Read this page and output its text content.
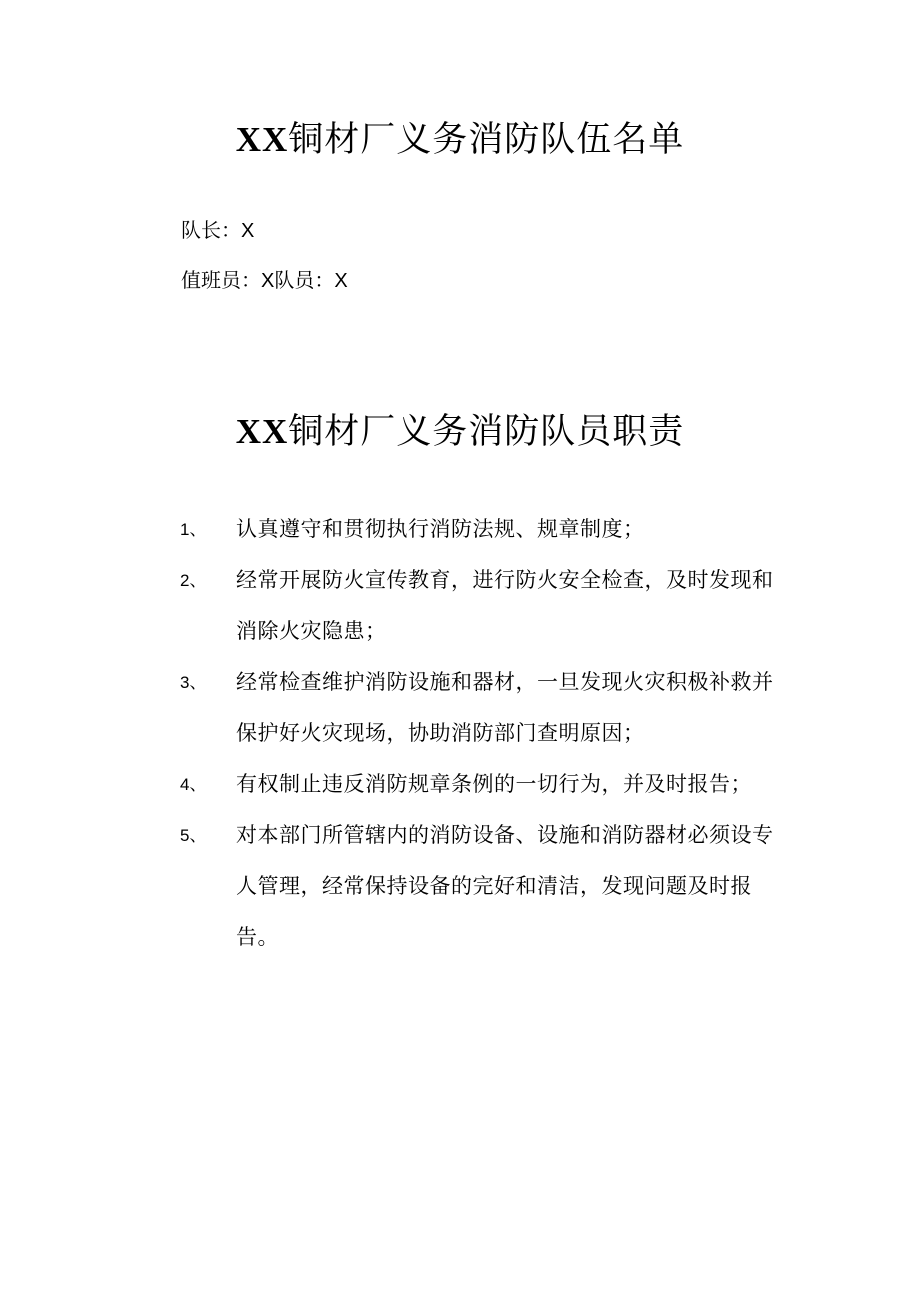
XX铜材厂义务消防队伍名单
队长：X
值班员：X队员：X
XX铜材厂义务消防队员职责
1、	认真遵守和贯彻执行消防法规、规章制度；
2、	经常开展防火宣传教育，进行防火安全检查，及时发现和消除火灾隐患；
3、	经常检查维护消防设施和器材，一旦发现火灾积极补救并保护好火灾现场，协助消防部门查明原因；
4、	有权制止违反消防规章条例的一切行为，并及时报告；
5、	对本部门所管辖内的消防设备、设施和消防器材必须设专人管理，经常保持设备的完好和清洁，发现问题及时报告。
